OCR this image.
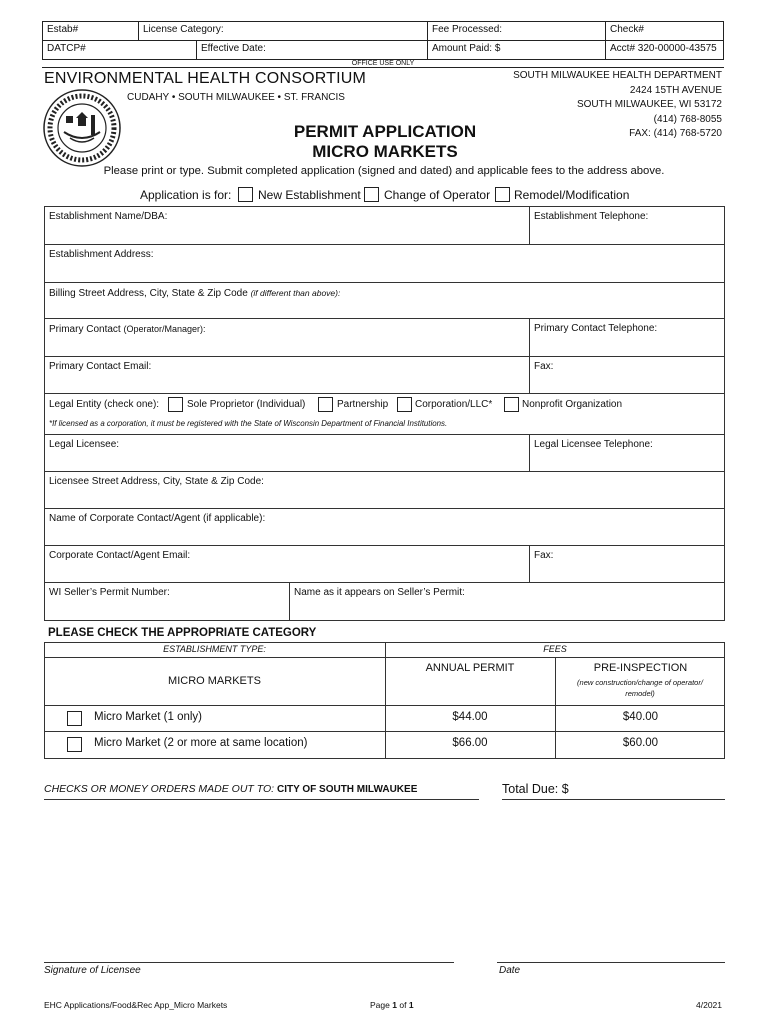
Estab#	License Category:	Fee Processed:	Check#
DATCP#	Effective Date:	Amount Paid: $	Acct# 320-00000-43575
OFFICE USE ONLY
ENVIRONMENTAL HEALTH CONSORTIUM
CUDAHY • SOUTH MILWAUKEE • ST. FRANCIS
SOUTH MILWAUKEE HEALTH DEPARTMENT
2424 15TH AVENUE
SOUTH MILWAUKEE, WI 53172
(414) 768-8055
FAX: (414) 768-5720
PERMIT APPLICATION
MICRO MARKETS
Please print or type. Submit completed application (signed and dated) and applicable fees to the address above.
Application is for: New Establishment Change of Operator Remodel/Modification
Establishment Name/DBA:	Establishment Telephone:
Establishment Address:
Billing Street Address, City, State & Zip Code (if different than above):
Primary Contact (Operator/Manager):	Primary Contact Telephone:
Primary Contact Email:	Fax:
Legal Entity (check one):	Sole Proprietor (Individual)	Partnership	Corporation/LLC*	Nonprofit Organization
*If licensed as a corporation, it must be registered with the State of Wisconsin Department of Financial Institutions.
Legal Licensee:	Legal Licensee Telephone:
Licensee Street Address, City, State & Zip Code:
Name of Corporate Contact/Agent (if applicable):
Corporate Contact/Agent Email:	Fax:
WI Seller’s Permit Number:	Name as it appears on Seller’s Permit:
PLEASE CHECK THE APPROPRIATE CATEGORY
ESTABLISHMENT TYPE:	FEES
MICRO MARKETS
ANNUAL PERMIT	PRE-INSPECTION
(new construction/change of operator/ remodel)
Micro Market (1 only)	$44.00	$40.00
Micro Market (2 or more at same location)	$66.00	$60.00
CHECKS OR MONEY ORDERS MADE OUT TO: CITY OF SOUTH MILWAUKEE	Total Due: $
Signature of Licensee	Date
EHC Applications/Food&Rec App_Micro Markets	Page 1 of 1	4/2021
